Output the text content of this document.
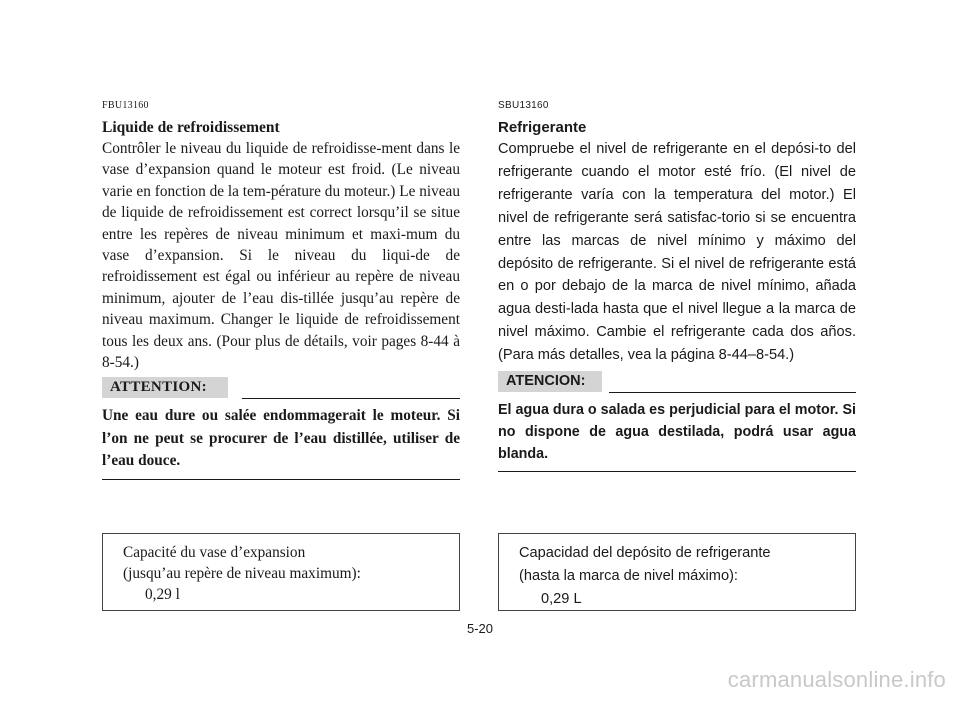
FBU13160

Liquide de refroidissement

Contrôler le niveau du liquide de refroidisse-ment dans le vase d’expansion quand le moteur est froid. (Le niveau varie en fonction de la tem-pérature du moteur.) Le niveau de liquide de refroidissement est correct lorsqu’il se situe entre les repères de niveau minimum et maxi-mum du vase d’expansion. Si le niveau du liqui-de de refroidissement est égal ou inférieur au repère de niveau minimum, ajouter de l’eau dis-tillée jusqu’au repère de niveau maximum. Changer le liquide de refroidissement tous les deux ans. (Pour plus de détails, voir pages 8-44 à 8-54.)

ATTENTION:

Une eau dure ou salée endommagerait le moteur. Si l’on ne peut se procurer de l’eau distillée, utiliser de l’eau douce.

Capacité du vase d’expansion
(jusqu’au repère de niveau maximum):
0,29 l

SBU13160

Refrigerante

Compruebe el nivel de refrigerante en el depósi-to del refrigerante cuando el motor esté frío. (El nivel de refrigerante varía con la temperatura del motor.) El nivel de refrigerante será satisfac-torio si se encuentra entre las marcas de nivel mínimo y máximo del depósito de refrigerante. Si el nivel de refrigerante está en o por debajo de la marca de nivel mínimo, añada agua desti-lada hasta que el nivel llegue a la marca de nivel máximo. Cambie el refrigerante cada dos años. (Para más detalles, vea la página 8-44–8-54.)

ATENCION:

El agua dura o salada es perjudicial para el motor. Si no dispone de agua destilada, podrá usar agua blanda.

Capacidad del depósito de refrigerante
(hasta la marca de nivel máximo):
0,29 L
5-20
carmanualsonline.info
